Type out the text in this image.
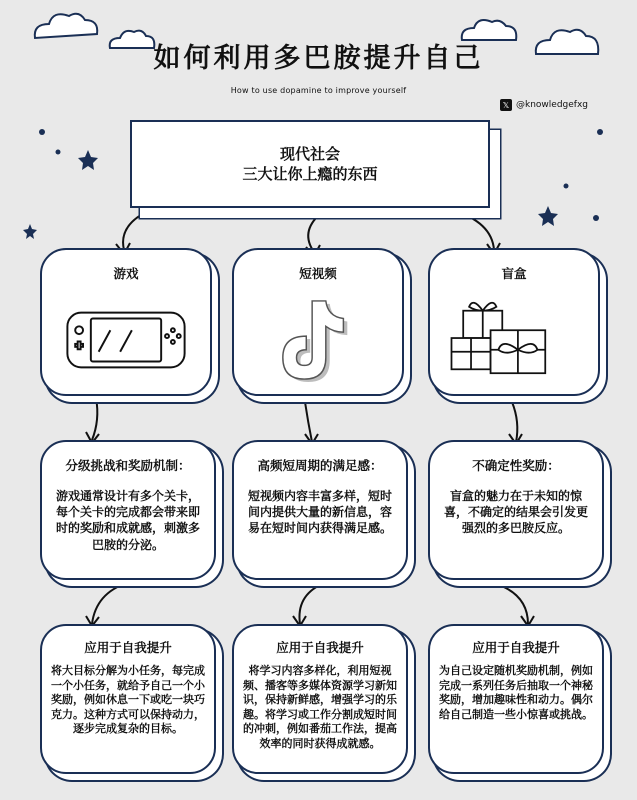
如何利用多巴胺提升自己
How to use dopamine to improve yourself
𝕏 @knowledgefxg
现代社会
三大让你上瘾的东西
游戏	短视频	盲盒
分级挑战和奖励机制：
游戏通常设计有多个关卡，每个关卡的完成都会带来即时的奖励和成就感，刺激多巴胺的分泌。
高频短周期的满足感：
短视频内容丰富多样，短时间内提供大量的新信息，容易在短时间内获得满足感。
不确定性奖励：
盲盒的魅力在于未知的惊喜，不确定的结果会引发更强烈的多巴胺反应。
应用于自我提升
将大目标分解为小任务，每完成一个小任务，就给予自己一个小奖励，例如休息一下或吃一块巧克力。这种方式可以保持动力，逐步完成复杂的目标。
应用于自我提升
将学习内容多样化，利用短视频、播客等多媒体资源学习新知识，保持新鲜感，增强学习的乐趣。将学习或工作分割成短时间的冲刺，例如番茄工作法，提高效率的同时获得成就感。
应用于自我提升
为自己设定随机奖励机制，例如完成一系列任务后抽取一个神秘奖励，增加趣味性和动力。偶尔给自己制造一些小惊喜或挑战。
